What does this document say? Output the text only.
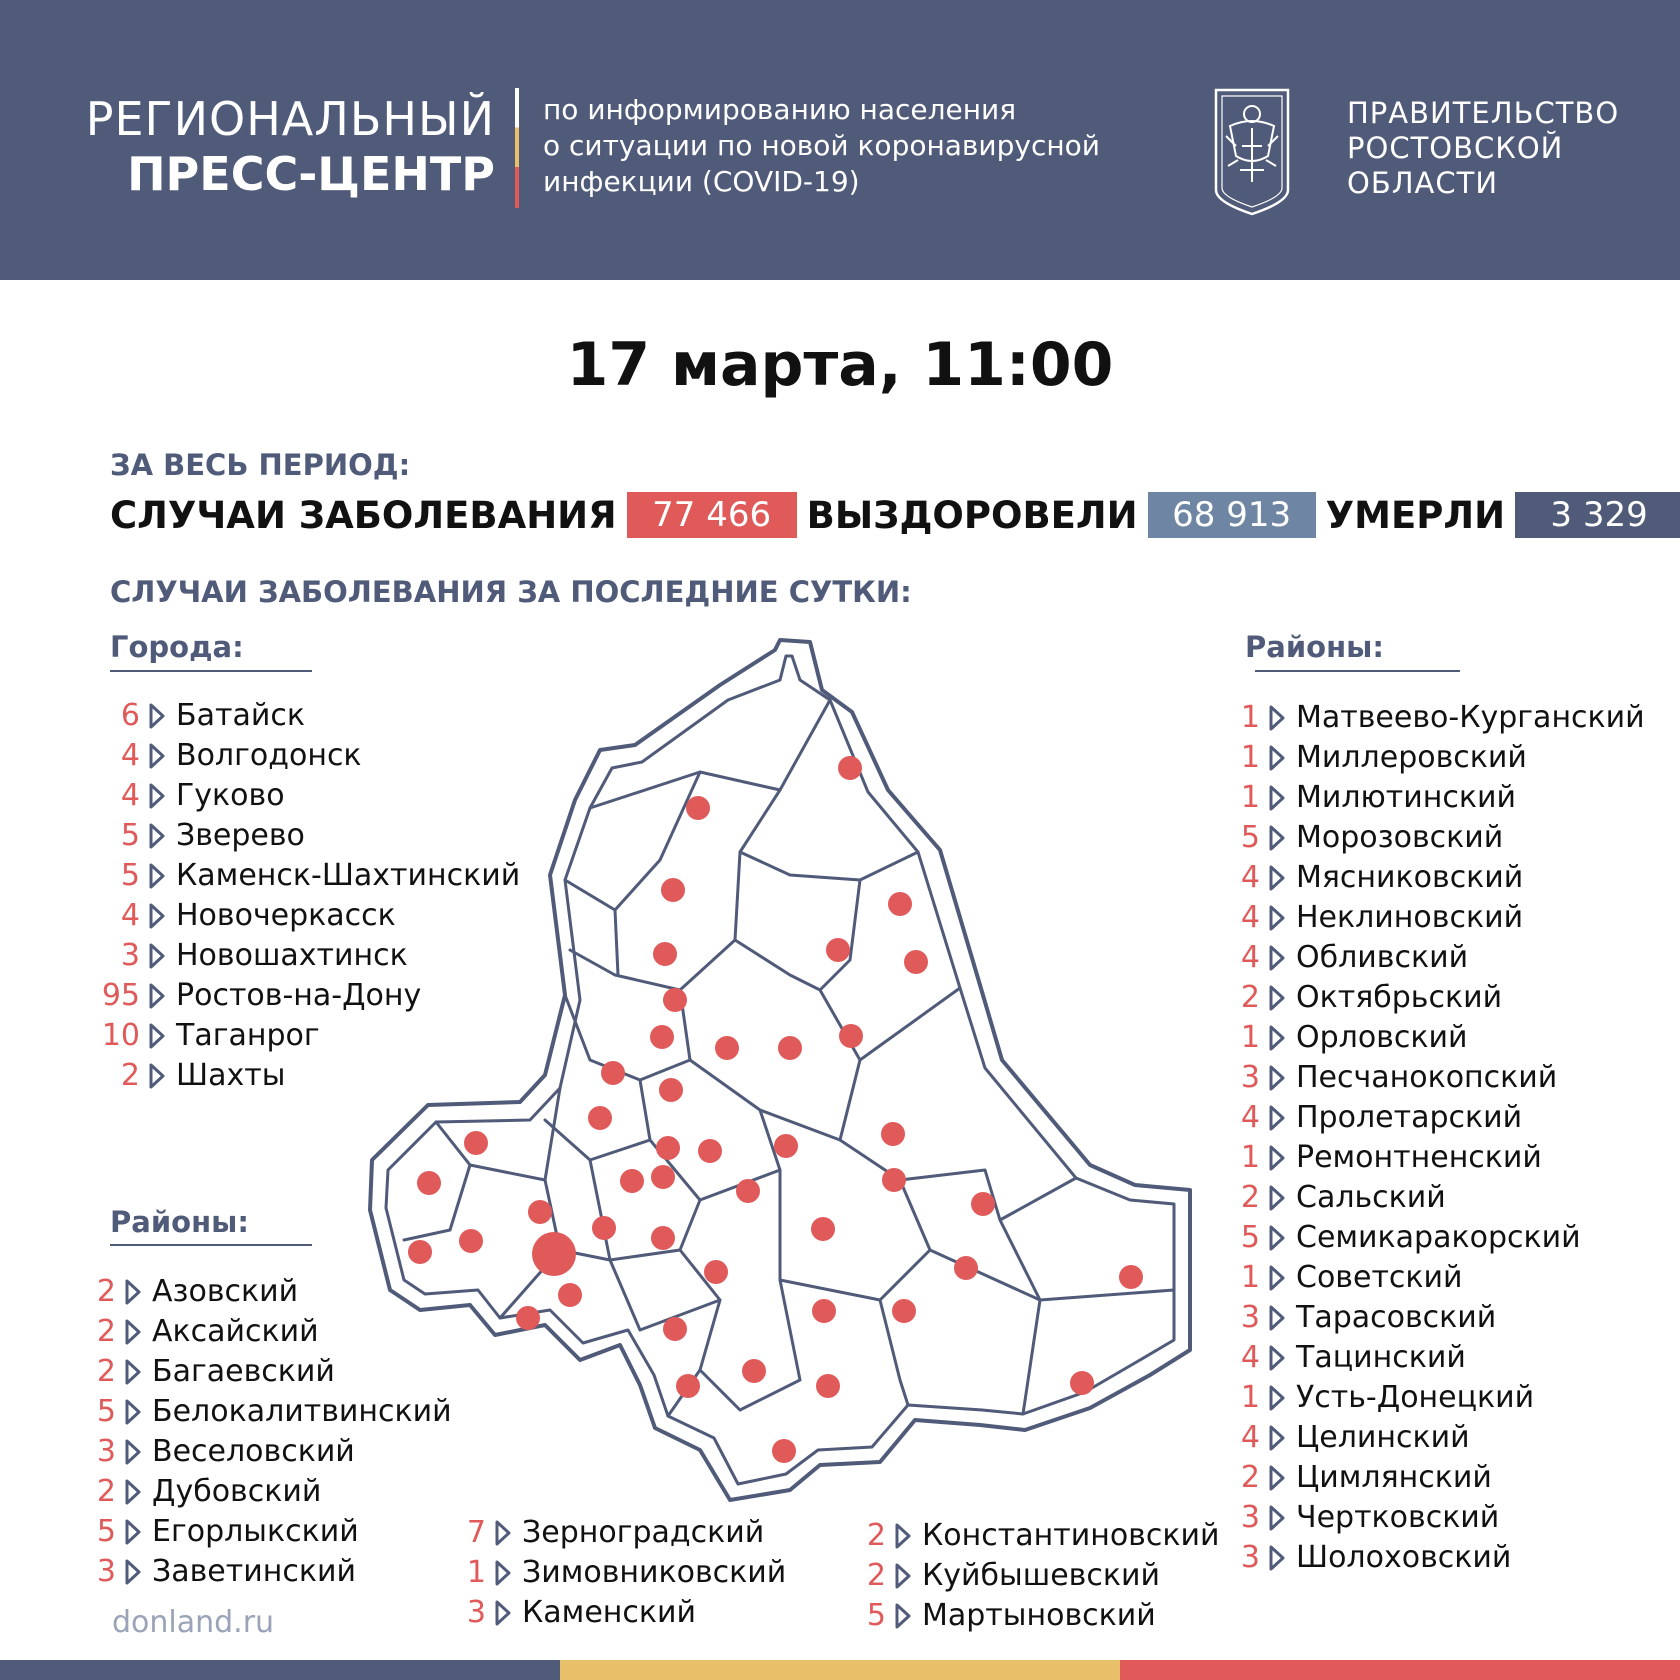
РЕГИОНАЛЬНЫЙ
ПРЕСС-ЦЕНТР
по информированию населения
о ситуации по новой коронавирусной
инфекции (COVID-19)
ПРАВИТЕЛЬСТВО
РОСТОВСКОЙ
ОБЛАСТИ
17 марта, 11:00
ЗА ВЕСЬ ПЕРИОД:
СЛУЧАИ ЗАБОЛЕВАНИЯ	77 466 ВЫЗДОРОВЕЛИ	68 913 УМЕРЛИ	3 329
СЛУЧАИ ЗАБОЛЕВАНИЯ ЗА ПОСЛЕДНИЕ СУТКИ:
Города:
Районы:
Районы:
6 Батайск
4 Волгодонск
4 Гуково
5 Зверево
5 Каменск-Шахтинский
4 Новочеркасск
3 Новошахтинск
95 Ростов-на-Дону
10 Таганрог
2 Шахты
2 Азовский
2 Аксайский
2 Багаевский
5 Белокалитвинский
3 Веселовский
2 Дубовский
5 Егорлыкский
3 Заветинский
7 Зерноградский
1 Зимовниковский
3 Каменский
2 Константиновский
2 Куйбышевский
5 Мартыновский
1 Матвеево-Курганский
1 Миллеровский
1 Милютинский
5 Морозовский
4 Мясниковский
4 Неклиновский
4 Обливский
2 Октябрьский
1 Орловский
3 Песчанокопский
4 Пролетарский
1 Ремонтненский
2 Сальский
5 Семикаракорский
1 Советский
3 Тарасовский
4 Тацинский
1 Усть-Донецкий
4 Целинский
2 Цимлянский
3 Чертковский
3 Шолоховский
donland.ru
